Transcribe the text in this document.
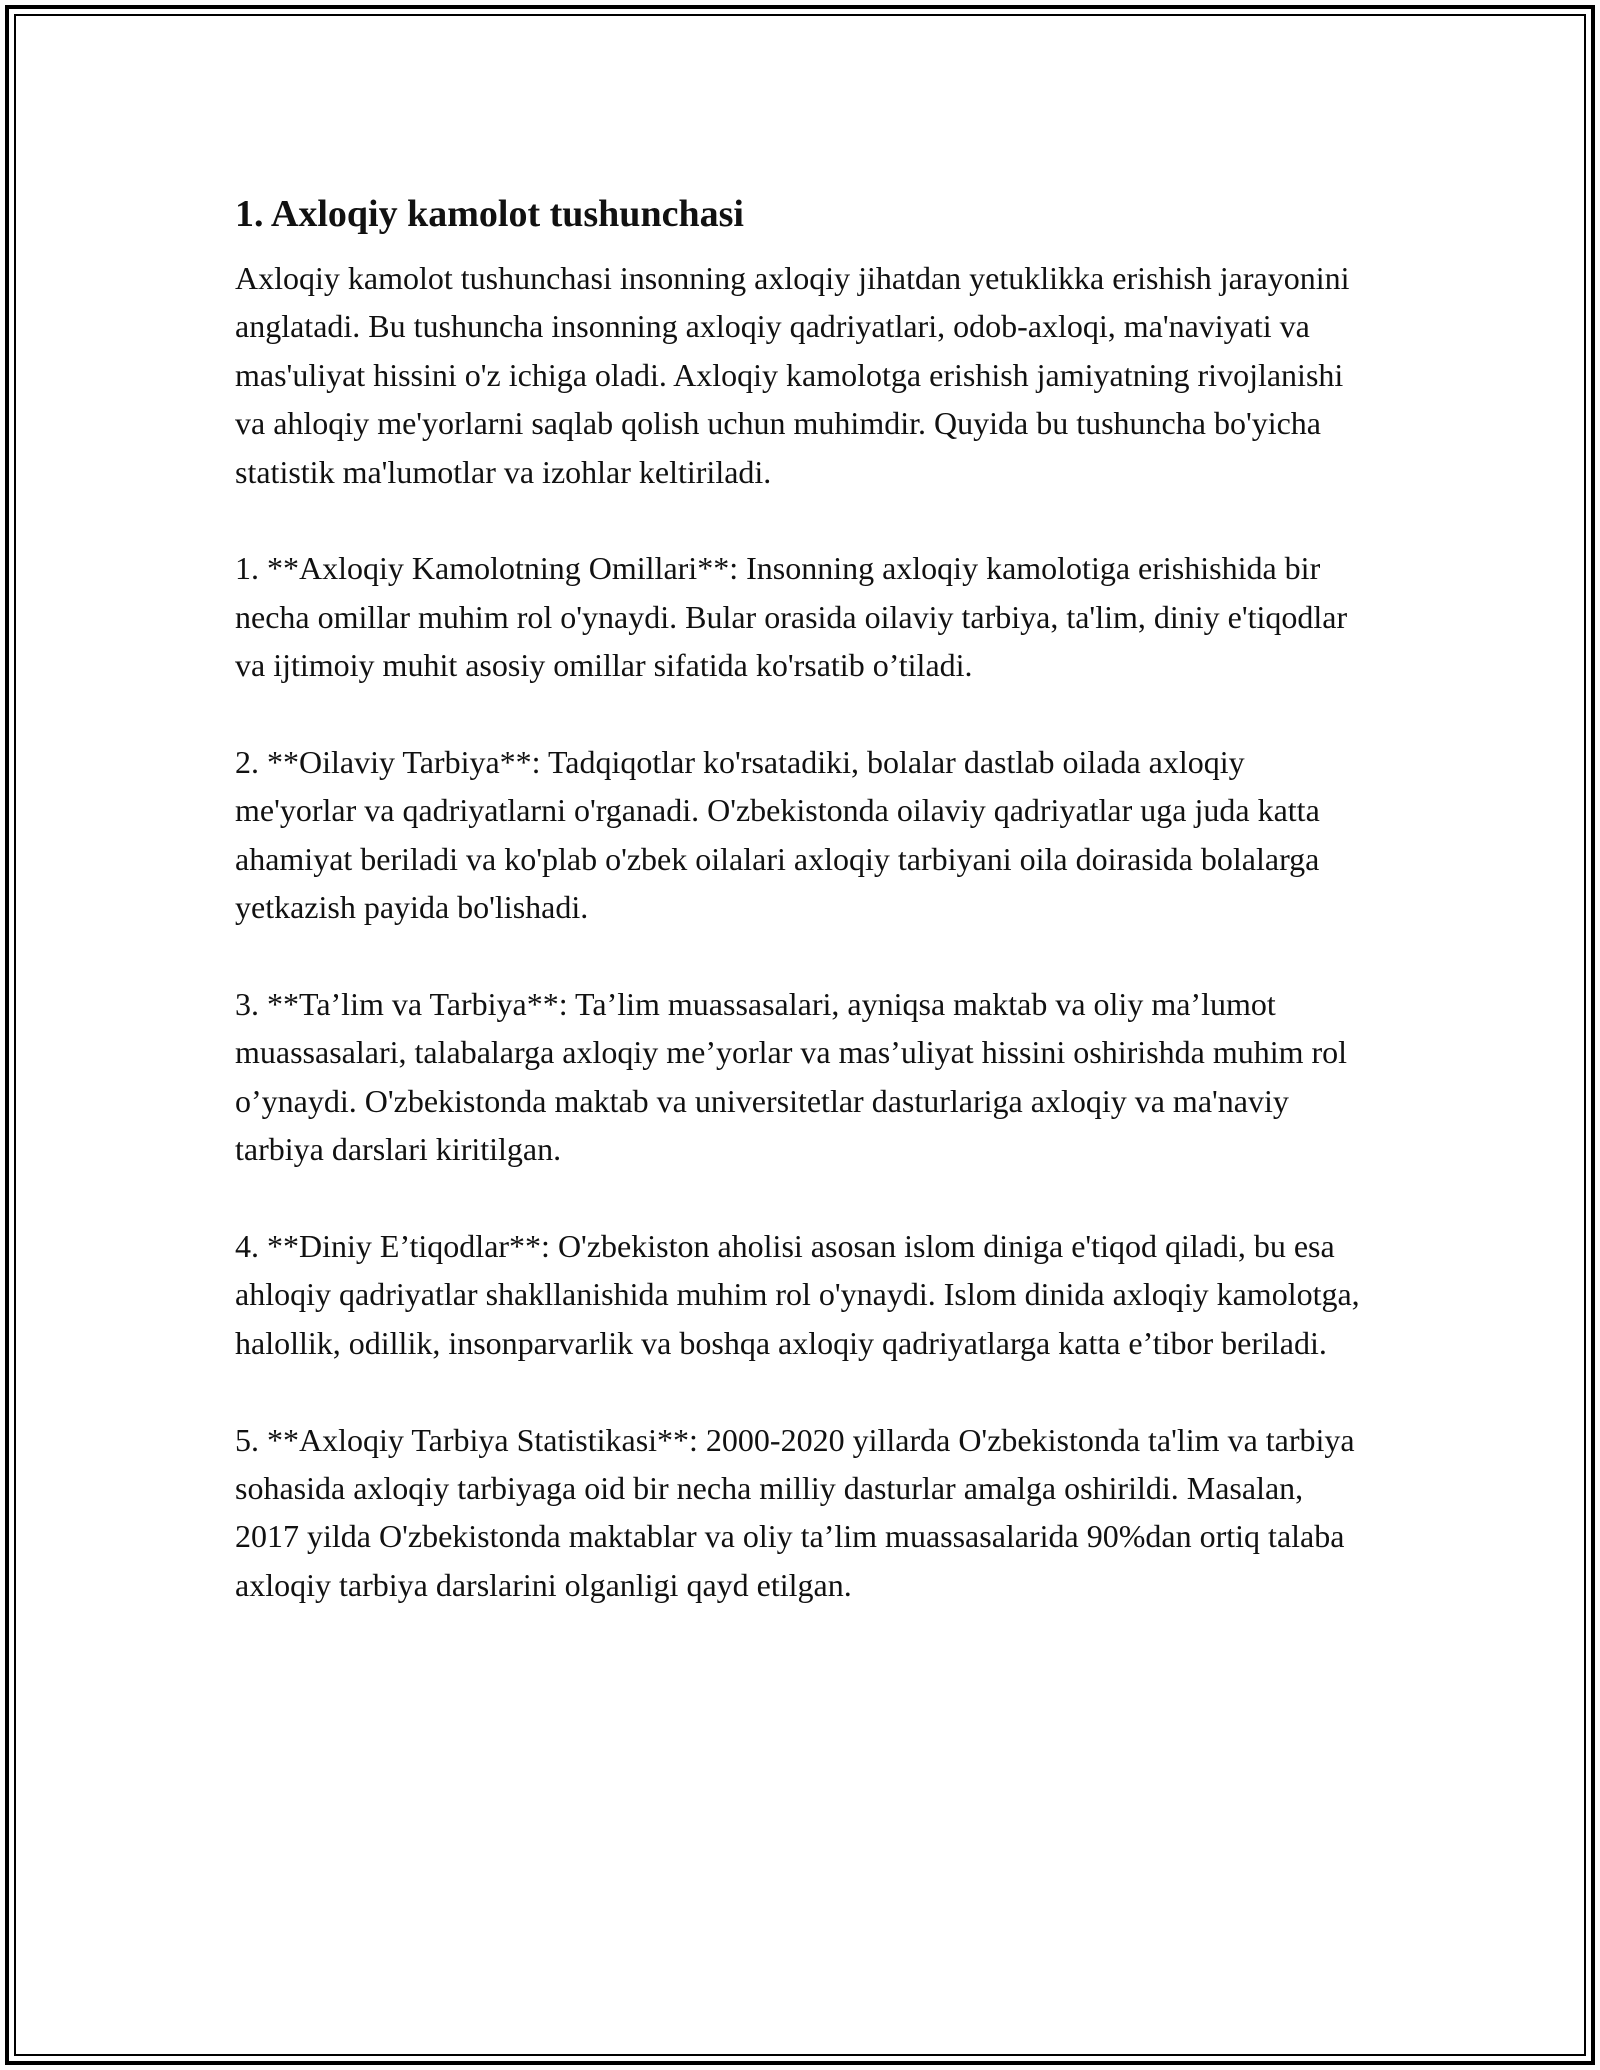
1. Axloqiy kamolot tushunchasi

Axloqiy kamolot tushunchasi insonning axloqiy jihatdan yetuklikka erishish jarayonini anglatadi. Bu tushuncha insonning axloqiy qadriyatlari, odob-axloqi, ma'naviyati va mas'uliyat hissini o'z ichiga oladi. Axloqiy kamolotga erishish jamiyatning rivojlanishi va ahloqiy me'yorlarni saqlab qolish uchun muhimdir. Quyida bu tushuncha bo'yicha statistik ma'lumotlar va izohlar keltiriladi.

1. **Axloqiy Kamolotning Omillari**: Insonning axloqiy kamolotiga erishishida bir necha omillar muhim rol o'ynaydi. Bular orasida oilaviy tarbiya, ta'lim, diniy e'tiqodlar va ijtimoiy muhit asosiy omillar sifatida ko'rsatib o’tiladi.

2. **Oilaviy Tarbiya**: Tadqiqotlar ko'rsatadiki, bolalar dastlab oilada axloqiy me'yorlar va qadriyatlarni o'rganadi. O'zbekistonda oilaviy qadriyatlar uga juda katta ahamiyat beriladi va ko'plab o'zbek oilalari axloqiy tarbiyani oila doirasida bolalarga yetkazish payida bo'lishadi.

3. **Ta’lim va Tarbiya**: Ta’lim muassasalari, ayniqsa maktab va oliy ma’lumot muassasalari, talabalarga axloqiy me’yorlar va mas’uliyat hissini oshirishda muhim rol o’ynaydi. O'zbekistonda maktab va universitetlar dasturlariga axloqiy va ma'naviy tarbiya darslari kiritilgan.

4. **Diniy E’tiqodlar**: O'zbekiston aholisi asosan islom diniga e'tiqod qiladi, bu esa ahloqiy qadriyatlar shakllanishida muhim rol o'ynaydi. Islom dinida axloqiy kamolotga, halollik, odillik, insonparvarlik va boshqa axloqiy qadriyatlarga katta e’tibor beriladi.

5. **Axloqiy Tarbiya Statistikasi**: 2000-2020 yillarda O'zbekistonda ta'lim va tarbiya sohasida axloqiy tarbiyaga oid bir necha milliy dasturlar amalga oshirildi. Masalan, 2017 yilda O'zbekistonda maktablar va oliy ta’lim muassasalarida 90%dan ortiq talaba axloqiy tarbiya darslarini olganligi qayd etilgan.
